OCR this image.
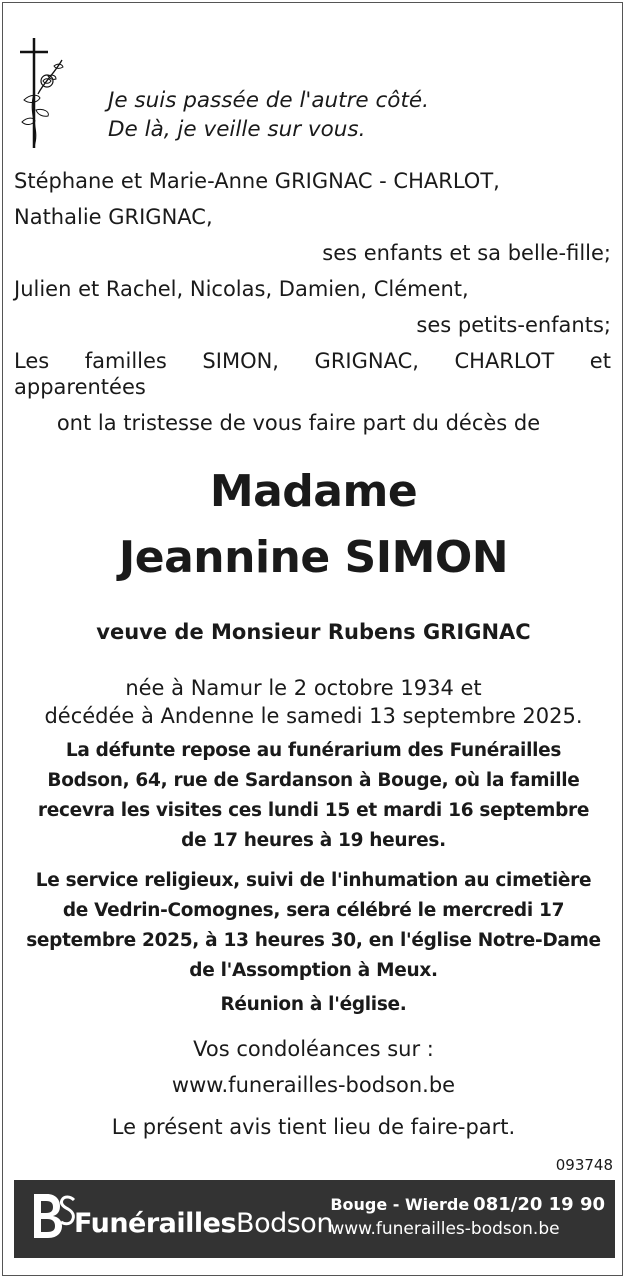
Je suis passée de l'autre côté.
De là, je veille sur vous.
Stéphane et Marie-Anne GRIGNAC - CHARLOT,
Nathalie GRIGNAC,
ses enfants et sa belle-fille;
Julien et Rachel, Nicolas, Damien, Clément,
ses petits-enfants;
Les familles SIMON, GRIGNAC, CHARLOT et
apparentées
ont la tristesse de vous faire part du décès de
Madame
Jeannine SIMON
veuve de Monsieur Rubens GRIGNAC
née à Namur le 2 octobre 1934 et
décédée à Andenne le samedi 13 septembre 2025.
La défunte repose au funérarium des Funérailles
Bodson, 64, rue de Sardanson à Bouge, où la famille
recevra les visites ces lundi 15 et mardi 16 septembre
de 17 heures à 19 heures.
Le service religieux, suivi de l'inhumation au cimetière
de Vedrin-Comognes, sera célébré le mercredi 17
septembre 2025, à 13 heures 30, en l'église Notre-Dame
de l'Assomption à Meux.
Réunion à l'église.
Vos condoléances sur :
www.funerailles-bodson.be
Le présent avis tient lieu de faire-part.
093748
FunéraillesBodson
Bouge - Wierde 081/20 19 90
www.funerailles-bodson.be
